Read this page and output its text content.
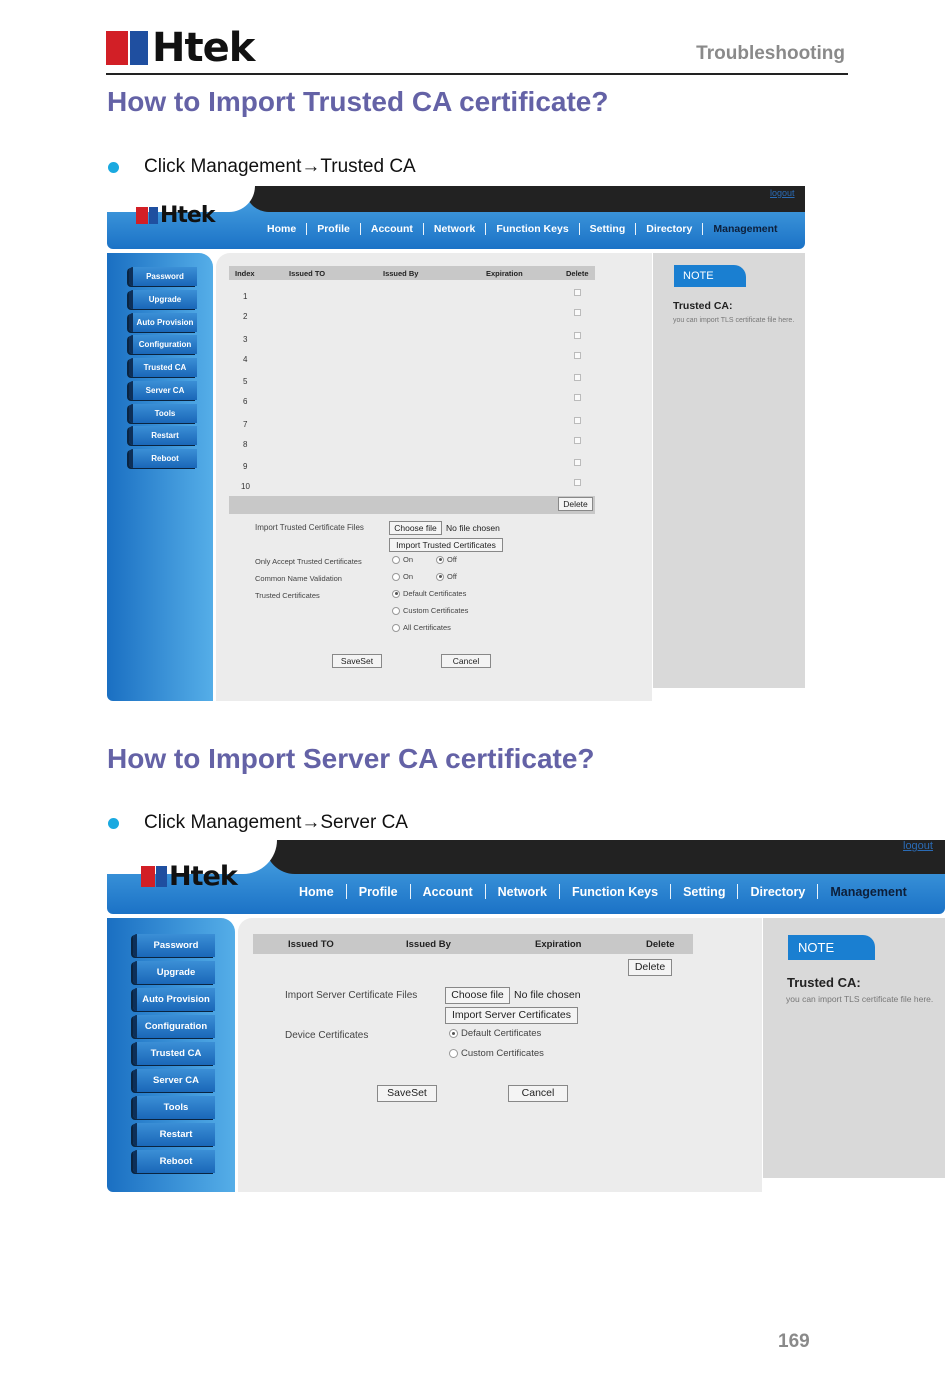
Htek	Troubleshooting
How to Import Trusted CA certificate?
Click Management→Trusted CA
logout
Htek
Home Profile Account Network Function Keys Setting Directory Management
Password
Upgrade
Auto Provision
Configuration
Trusted CA
Server CA
Tools
Restart
Reboot
Index	Issued TO	Issued By	Expiration	Delete
1
2
3
4
5
6
7
8
9
10
Delete
Import Trusted Certificate Files	Choose file	No file chosen
Import Trusted Certificates
Only Accept Trusted Certificates	On	Off
Common Name Validation	On	Off
Trusted Certificates	Default Certificates
Custom Certificates
All Certificates
SaveSet	Cancel
NOTE
Trusted CA:
you can import TLS certificate file here.
How to Import Server CA certificate?
Click Management→Server CA
logout
Htek	Home Profile Account Network Function Keys Setting Directory Management
Password
Upgrade
Auto Provision
Configuration
Trusted CA
Server CA
Tools
Restart
Reboot
Issued TO	Issued By	Expiration	Delete
Delete
Import Server Certificate Files	Choose file No file chosen
Import Server Certificates
Device Certificates	Default Certificates
Custom Certificates
SaveSet	Cancel
NOTE
Trusted CA:
you can import TLS certificate file here.
169
